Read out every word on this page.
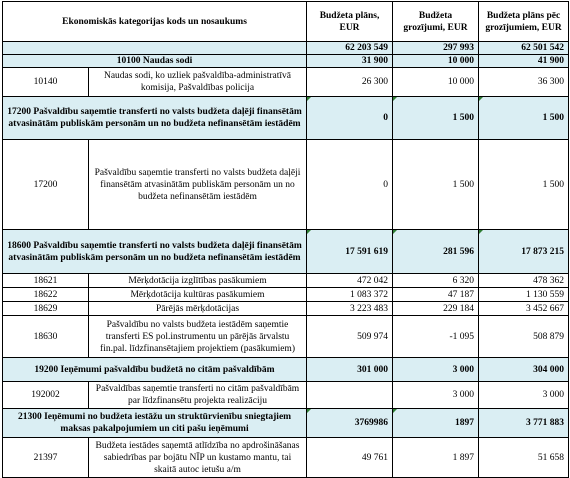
Ekonomiskās kategorijas kods un nosaukums		Budžeta plāns, EUR	Budžeta grozījumi, EUR	Budžeta plāns pēc grozījumiem, EUR
		62 203 549	297 993	62 501 542
10100 Naudas sodi		31 900	10 000	41 900
10140	Naudas sodi, ko uzliek pašvaldība-administratīvā komisija, Pašvaldības policija	26 300	10 000	36 300
17200 Pašvaldību saņemtie transferti no valsts budžeta daļēji finansētām atvasinātām publiskām personām un no budžeta nefinansētām iestādēm		0	1 500	1 500
17200	Pašvaldību saņemtie transferti no valsts budžeta daļēji finansētām atvasinātām publiskām personām un no budžeta nefinansētām iestādēm	0	1 500	1 500
18600 Pašvaldību saņemtie transferti no valsts budžeta daļēji finansētām atvasinātām publiskām personām un no budžeta nefinansētām iestādēm		17 591 619	281 596	17 873 215
18621	Mērķdotācija izglītības pasākumiem	472 042	6 320	478 362
18622	Mērķdotācija kultūras pasākumiem	1 083 372	47 187	1 130 559
18629	Pārējās mērķdotācijas	3 223 483	229 184	3 452 667
18630	Pašvaldību no valsts budžeta iestādēm saņemtie transferti ES pol.instrumentu un pārējās ārvalstu fin.pal. līdzfinansētajiem projektiem (pasākumiem)	509 974	-1 095	508 879
19200 Ieņēmumi pašvaldību budžetā no citām pašvaldībām		301 000	3 000	304 000
192002	Pašvaldības saņemtie transferti no citām pašvaldībām par līdzfinansētu projekta realizāciju		3 000	3 000
21300 Ieņēmumi no budžeta iestāžu un struktūrvienību sniegtajiem maksas pakalpojumiem un citi pašu ieņēmumi		3769986	1897	3 771 883
21397	Budžeta iestādes saņemtā atlīdzība no apdrošināšanas sabiedrības par bojātu NĪP un kustamo mantu, tai skaitā autoc ietušu a/m	49 761	1 897	51 658
